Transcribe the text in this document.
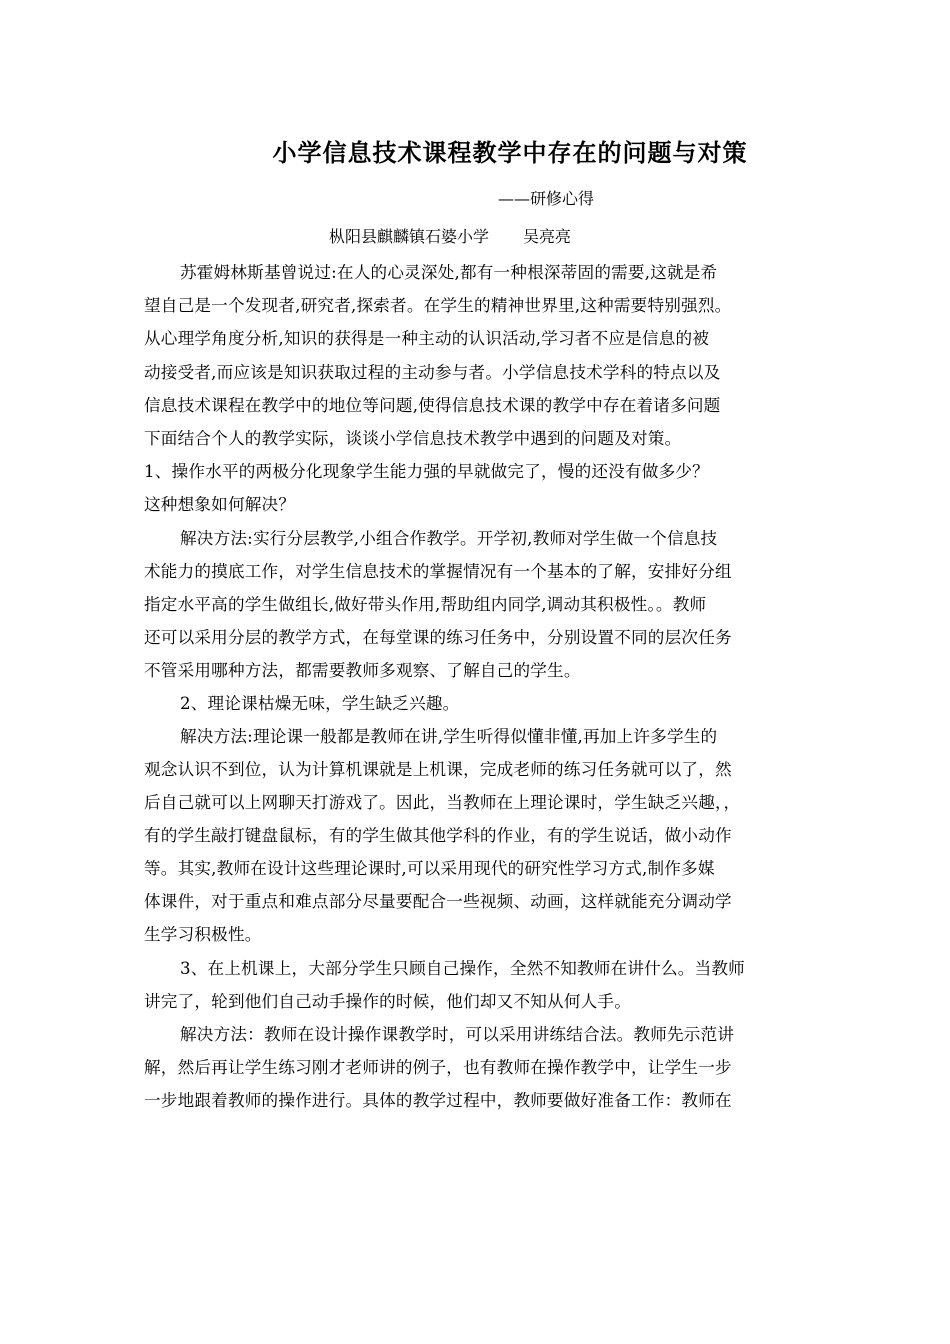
小学信息技术课程教学中存在的问题与对策
——研修心得
枞阳县麒麟镇石婆小学 吴亮亮
苏霍姆林斯基曾说过:在人的心灵深处,都有一种根深蒂固的需要,这就是希
望自己是一个发现者,研究者,探索者。在学生的精神世界里,这种需要特别强烈。
从心理学角度分析,知识的获得是一种主动的认识活动,学习者不应是信息的被
动接受者,而应该是知识获取过程的主动参与者。小学信息技术学科的特点以及
信息技术课程在教学中的地位等问题,使得信息技术课的教学中存在着诸多问题
下面结合个人的教学实际，谈谈小学信息技术教学中遇到的问题及对策。
1、操作水平的两极分化现象学生能力强的早就做完了，慢的还没有做多少？
这种想象如何解决？
解决方法:实行分层教学,小组合作教学。开学初,教师对学生做一个信息技
术能力的摸底工作，对学生信息技术的掌握情况有一个基本的了解，安排好分组
指定水平高的学生做组长,做好带头作用,帮助组内同学,调动其积极性。。教师
还可以采用分层的教学方式，在每堂课的练习任务中，分别设置不同的层次任务
不管采用哪种方法，都需要教师多观察、了解自己的学生。
2、理论课枯燥无味，学生缺乏兴趣。
解决方法:理论课一般都是教师在讲,学生听得似懂非懂,再加上许多学生的
观念认识不到位，认为计算机课就是上机课，完成老师的练习任务就可以了，然
后自己就可以上网聊天打游戏了。因此，当教师在上理论课时，学生缺乏兴趣，，
有的学生敲打键盘鼠标，有的学生做其他学科的作业，有的学生说话，做小动作
等。其实,教师在设计这些理论课时,可以采用现代的研究性学习方式,制作多媒
体课件，对于重点和难点部分尽量要配合一些视频、动画，这样就能充分调动学
生学习积极性。
3、在上机课上，大部分学生只顾自己操作，全然不知教师在讲什么。当教师
讲完了，轮到他们自己动手操作的时候，他们却又不知从何人手。
解决方法：教师在设计操作课教学时，可以采用讲练结合法。教师先示范讲
解，然后再让学生练习刚才老师讲的例子，也有教师在操作教学中，让学生一步
一步地跟着教师的操作进行。具体的教学过程中，教师要做好准备工作：教师在
